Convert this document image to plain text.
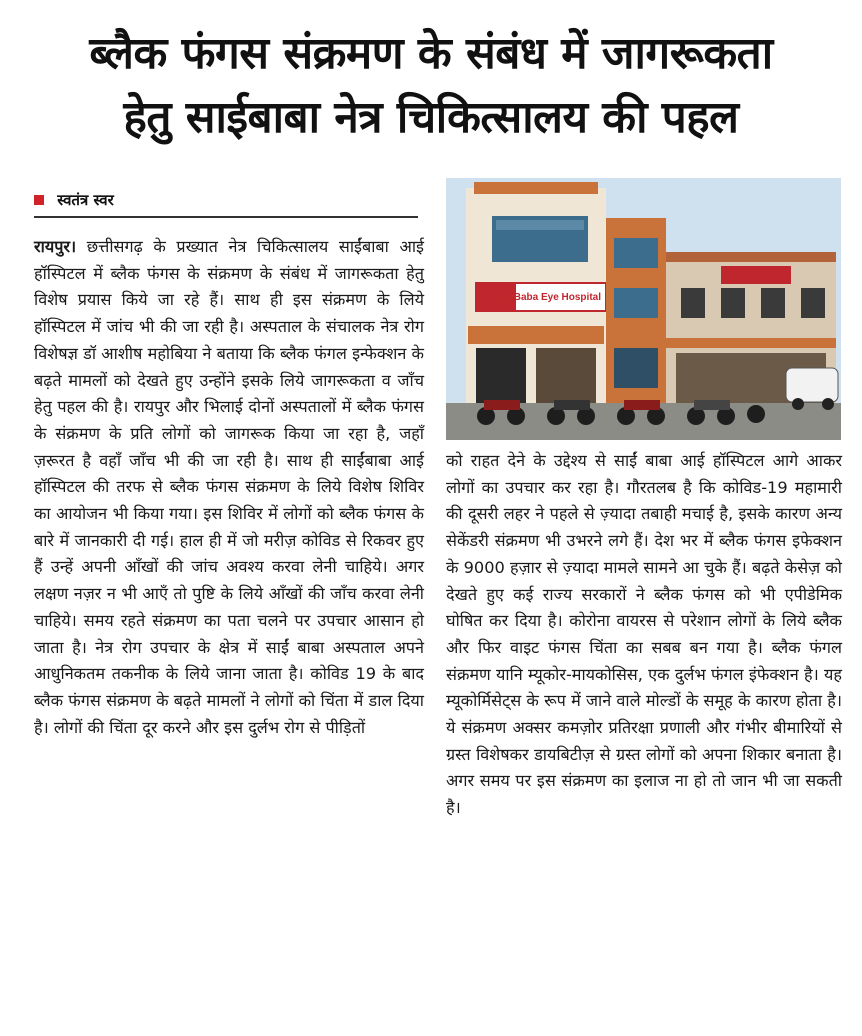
ब्लैक फंगस संक्रमण के संबंध में जागरूकता
हेतु साईबाबा नेत्र चिकित्सालय की पहल
स्वतंत्र स्वर
रायपुर। छत्तीसगढ़ के प्रख्यात नेत्र चिकित्सालय साईंबाबा आई हॉस्पिटल में ब्लैक फंगस के संक्रमण के संबंध में जागरूकता हेतु विशेष प्रयास किये जा रहे हैं। साथ ही इस संक्रमण के लिये हॉस्पिटल में जांच भी की जा रही है। अस्पताल के संचालक नेत्र रोग विशेषज्ञ डॉ आशीष महोबिया ने बताया कि ब्लैक फंगल इन्फेक्शन के बढ़ते मामलों को देखते हुए उन्होंने इसके लिये जागरूकता व जाँच हेतु पहल की है। रायपुर और भिलाई दोनों अस्पतालों में ब्लैक फंगस के संक्रमण के प्रति लोगों को जागरूक किया जा रहा है, जहाँ ज़रूरत है वहाँ जाँच भी की जा रही है। साथ ही साईंबाबा आई हॉस्पिटल की तरफ से ब्लैक फंगस संक्रमण के लिये विशेष शिविर का आयोजन भी किया गया। इस शिविर में लोगों को ब्लैक फंगस के बारे में जानकारी दी गई। हाल ही में जो मरीज़ कोविड से रिकवर हुए हैं उन्हें अपनी आँखों की जांच अवश्य करवा लेनी चाहिये। अगर लक्षण नज़र न भी आएँ तो पुष्टि के लिये आँखों की जाँच करवा लेनी चाहिये। समय रहते संक्रमण का पता चलने पर उपचार आसान हो जाता है। नेत्र रोग उपचार के क्षेत्र में साईं बाबा अस्पताल अपने आधुनिकतम तकनीक के लिये जाना जाता है। कोविड 19 के बाद ब्लैक फंगस संक्रमण के बढ़ते मामलों ने लोगों को चिंता में डाल दिया है। लोगों की चिंता दूर करने और इस दुर्लभ रोग से पीड़ितों
Sai Baba Eye Hospital
को राहत देने के उद्देश्य से साईं बाबा आई हॉस्पिटल आगे आकर लोगों का उपचार कर रहा है। गौरतलब है कि कोविड-19 महामारी की दूसरी लहर ने पहले से ज़्यादा तबाही मचाई है, इसके कारण अन्य सेकेंडरी संक्रमण भी उभरने लगे हैं। देश भर में ब्लैक फंगस इफेक्शन के 9000 हज़ार से ज़्यादा मामले सामने आ चुके हैं। बढ़ते केसेज़ को देखते हुए कई राज्य सरकारों ने ब्लैक फंगस को भी एपीडेमिक घोषित कर दिया है। कोरोना वायरस से परेशान लोगों के लिये ब्लैक और फिर वाइट फंगस चिंता का सबब बन गया है। ब्लैक फंगल संक्रमण यानि म्यूकोर-मायकोसिस, एक दुर्लभ फंगल इंफेक्शन है। यह म्यूकोर्मिसेट्स के रूप में जाने वाले मोल्डों के समूह के कारण होता है। ये संक्रमण अक्सर कमज़ोर प्रतिरक्षा प्रणाली और गंभीर बीमारियों से ग्रस्त विशेषकर डायबिटीज़ से ग्रस्त लोगों को अपना शिकार बनाता है। अगर समय पर इस संक्रमण का इलाज ना हो तो जान भी जा सकती है।
